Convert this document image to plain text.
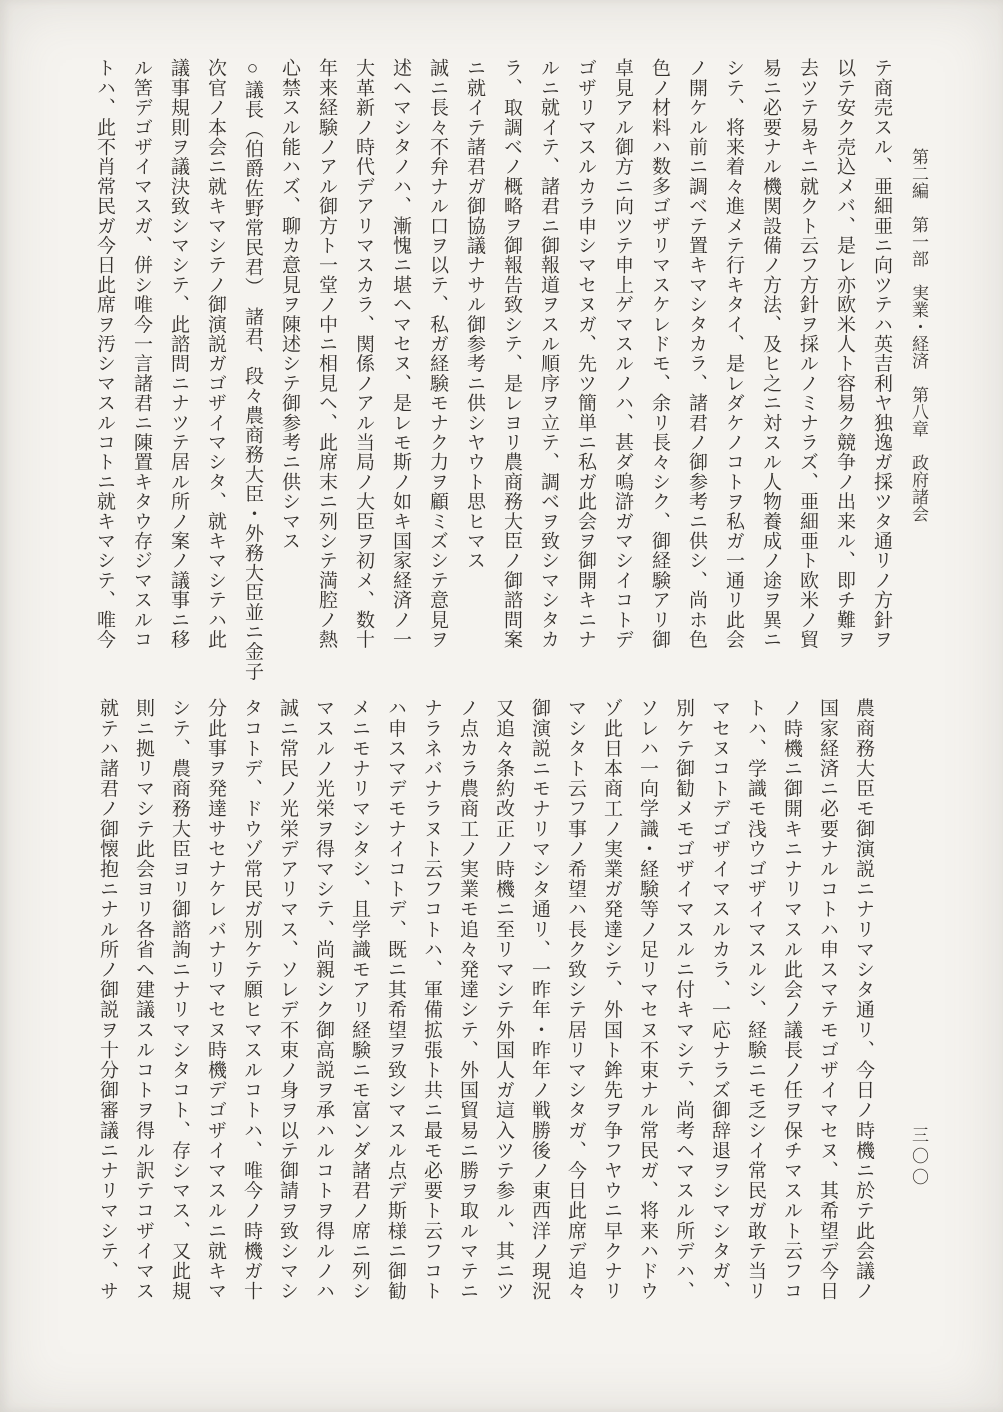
第二編　第一部　実業・経済　第八章　政府諸会
テ商売スル、亜細亜ニ向ツテハ英吉利ヤ独逸ガ採ツタ通リノ方針ヲ
以テ安ク売込メバ、是レ亦欧米人ト容易ク競争ノ出来ル、即チ難ヲ
去ツテ易キニ就クト云フ方針ヲ採ルノミナラズ、亜細亜ト欧米ノ貿
易ニ必要ナル機関設備ノ方法、及ヒ之ニ対スル人物養成ノ途ヲ異ニ
シテ、将来着々進メテ行キタイ、是レダケノコトヲ私ガ一通リ此会
ノ開ケル前ニ調ベテ置キマシタカラ、諸君ノ御参考ニ供シ、尚ホ色
色ノ材料ハ数多ゴザリマスケレドモ、余リ長々シク、御経験アリ御
卓見アル御方ニ向ツテ申上ゲマスルノハ、甚ダ嗚滸ガマシイコトデ
ゴザリマスルカラ申シマセヌガ、先ツ簡単ニ私ガ此会ヲ御開キニナ
ルニ就イテ、諸君ニ御報道ヲスル順序ヲ立テ、調ベヲ致シマシタカ
ラ、取調ベノ概略ヲ御報告致シテ、是レヨリ農商務大臣ノ御諮問案
ニ就イテ諸君ガ御協議ナサル御参考ニ供シヤウト思ヒマス
誠ニ長々不弁ナル口ヲ以テ、私ガ経験モナク力ヲ顧ミズシテ意見ヲ
述ヘマシタノハ、漸愧ニ堪ヘマセヌ、是レモ斯ノ如キ国家経済ノ一
大革新ノ時代デアリマスカラ、関係ノアル当局ノ大臣ヲ初メ、数十
年来経験ノアル御方ト一堂ノ中ニ相見ヘ、此席末ニ列シテ満腔ノ熱
心禁スル能ハズ、聊カ意見ヲ陳述シテ御参考ニ供シマス
○議長（伯爵佐野常民君）　諸君、段々農商務大臣・外務大臣並ニ金子
次官ノ本会ニ就キマシテノ御演説ガゴザイマシタ、就キマシテハ此
議事規則ヲ議決致シマシテ、此諮問ニナツテ居ル所ノ案ノ議事ニ移
ル筈デゴザイマスガ、併シ唯今一言諸君ニ陳置キタウ存ジマスルコ
トハ、此不肖常民ガ今日此席ヲ汚シマスルコトニ就キマシテ、唯今
農商務大臣モ御演説ニナリマシタ通リ、今日ノ時機ニ於テ此会議ノ
国家経済ニ必要ナルコトハ申スマテモゴザイマセヌ、其希望デ今日
ノ時機ニ御開キニナリマスル此会ノ議長ノ任ヲ保チマスルト云フコ
トハ、学識モ浅ウゴザイマスルシ、経験ニモ乏シイ常民ガ敢テ当リ
マセヌコトデゴザイマスルカラ、一応ナラズ御辞退ヲシマシタガ、
別ケテ御勧メモゴザイマスルニ付キマシテ、尚考ヘマスル所デハ、
ソレハ一向学識・経験等ノ足リマセヌ不束ナル常民ガ、将来ハドウ
ゾ此日本商工ノ実業ガ発達シテ、外国ト鉾先ヲ争フヤウニ早クナリ
マシタト云フ事ノ希望ハ長ク致シテ居リマシタガ、今日此席デ追々
御演説ニモナリマシタ通リ、一昨年・昨年ノ戦勝後ノ東西洋ノ現況
又追々条約改正ノ時機ニ至リマシテ外国人ガ這入ツテ参ル、其ニツ
ノ点カラ農商工ノ実業モ追々発達シテ、外国貿易ニ勝ヲ取ルマテニ
ナラネバナラヌト云フコトハ、軍備拡張ト共ニ最モ必要ト云フコト
ハ申スマデモナイコトデ、既ニ其希望ヲ致シマスル点デ斯様ニ御勧
メニモナリマシタシ、且学識モアリ経験ニモ富ンダ諸君ノ席ニ列シ
マスルノ光栄ヲ得マシテ、尚親シク御高説ヲ承ハルコトヲ得ルノハ
誠ニ常民ノ光栄デアリマス、ソレデ不束ノ身ヲ以テ御請ヲ致シマシ
タコトデ、ドウゾ常民ガ別ケテ願ヒマスルコトハ、唯今ノ時機ガ十
分此事ヲ発達サセナケレバナリマセヌ時機デゴザイマスルニ就キマ
シテ、農商務大臣ヨリ御諮詢ニナリマシタコト、存シマス、又此規
則ニ拠リマシテ此会ヨリ各省ヘ建議スルコトヲ得ル訳テコザイマス
就テハ諸君ノ御懐抱ニナル所ノ御説ヲ十分御審議ニナリマシテ、サ	三〇〇
